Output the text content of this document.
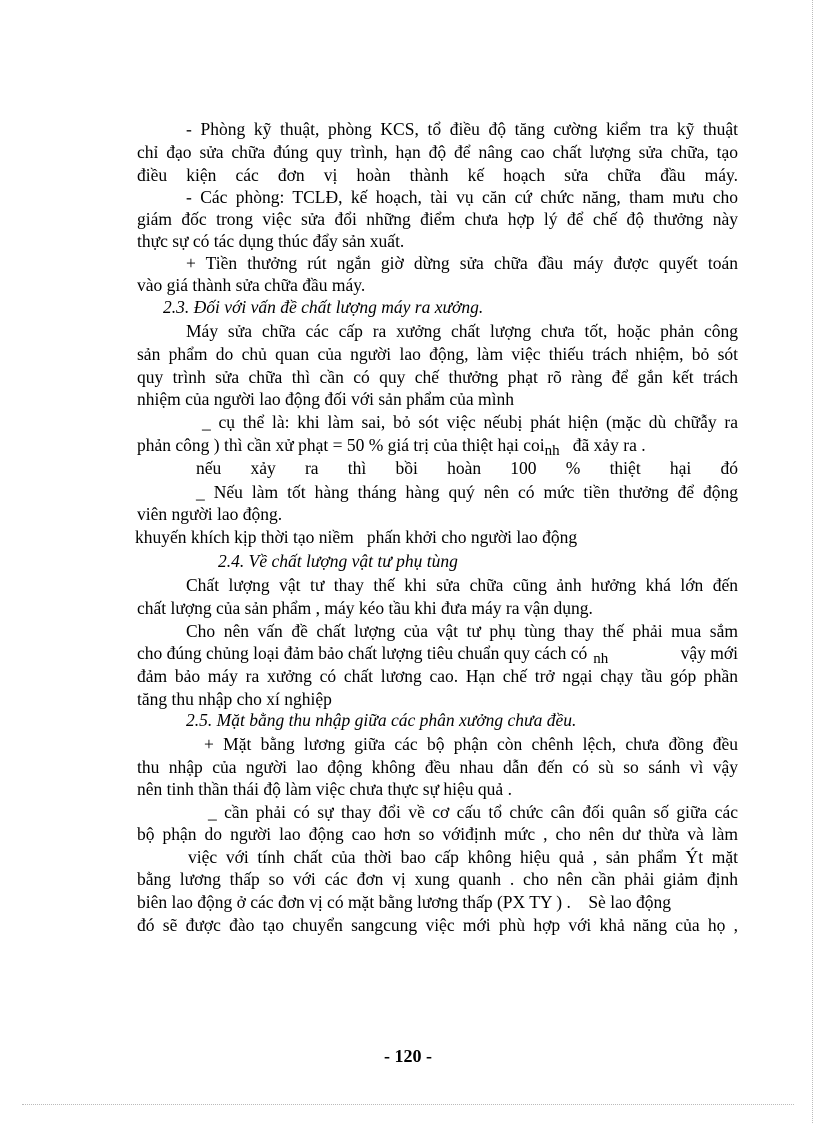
- Phòng kỹ thuật, phòng KCS, tổ điều độ tăng cường kiểm tra kỹ thuật
chỉ đạo sửa chữa đúng quy trình, hạn độ để nâng cao chất lượng sửa chữa, tạo
điều kiện các đơn vị hoàn thành kế hoạch sửa chữa đầu máy.
- Các phòng: TCLĐ, kế hoạch, tài vụ căn cứ chức năng, tham mưu cho
giám đốc trong việc sửa đổi những điểm chưa hợp lý để chế độ thưởng này
thực sự có tác dụng thúc đẩy sản xuất.
+ Tiền thưởng rút ngắn giờ dừng sửa chữa đầu máy được quyết toán
vào giá thành sửa chữa đầu máy.
2.3. Đối với vấn đề chất lượng máy ra xưởng.
Máy sửa chữa các cấp ra xưởng chất lượng chưa tốt, hoặc phản công
sản phẩm do chủ quan của người lao động, làm việc thiếu trách nhiệm, bỏ sót
quy trình sửa chữa thì cần có quy chế thưởng phạt rõ ràng để gắn kết trách
nhiệm của người lao động đối với sản phẩm của mình
_ cụ thể là: khi làm sai, bỏ sót việc nếubị phát hiện (mặc dù chữẫy ra
phản công ) thì cần xử phạt = 50 % giá trị của thiệt hại coinh đã xảy ra .
nếu xảy ra thì bồi hoàn 100 % thiệt hại đó
_ Nếu làm tốt hàng tháng hàng quý nên có mức tiền thưởng để động
viên người lao động.
khuyến khích kịp thời tạo niềm   phấn khởi cho người lao động
2.4. Về chất lượng vật tư phụ tùng
Chất lượng vật tư thay thế khi sửa chữa cũng ảnh hưởng khá lớn đến
chất lượng của sản phẩm , máy kéo tầu khi đưa máy ra vận dụng.
Cho nên vấn đề chất lượng của vật tư phụ tùng thay thế phải mua sắm
cho đúng chủng loại đảm bảo chất lượng tiêu chuẩn quy cách có nh	vậy mới
đảm bảo máy ra xưởng có chất lương cao. Hạn chế trở ngại chạy tầu góp phần
tăng thu nhập cho xí nghiệp
2.5. Mặt bằng thu nhập giữa các phân xưởng chưa đều.
+ Mặt bằng lương giữa các bộ phận còn chênh lệch, chưa đồng đều
thu nhập của người lao động không đều nhau dẫn đến có sù so sánh vì vậy
nên tinh thần thái độ làm việc chưa thực sự hiệu quả .
_ cần phải có sự thay đổi về cơ cấu tổ chức cân đối quân số giữa các
bộ phận do người lao động cao hơn so vớiđịnh mức , cho nên dư thừa và làm
việc với tính chất của thời bao cấp không hiệu quả , sản phẩm Ýt mặt
bằng lương thấp so với các đơn vị xung quanh . cho nên cần phải giảm định
biên lao động ở các đơn vị có mặt bằng lương thấp (PX TY ) .    Sè lao động
đó sẽ được đào tạo chuyển sangcung việc mới phù hợp với khả năng của họ ,
- 120 -
